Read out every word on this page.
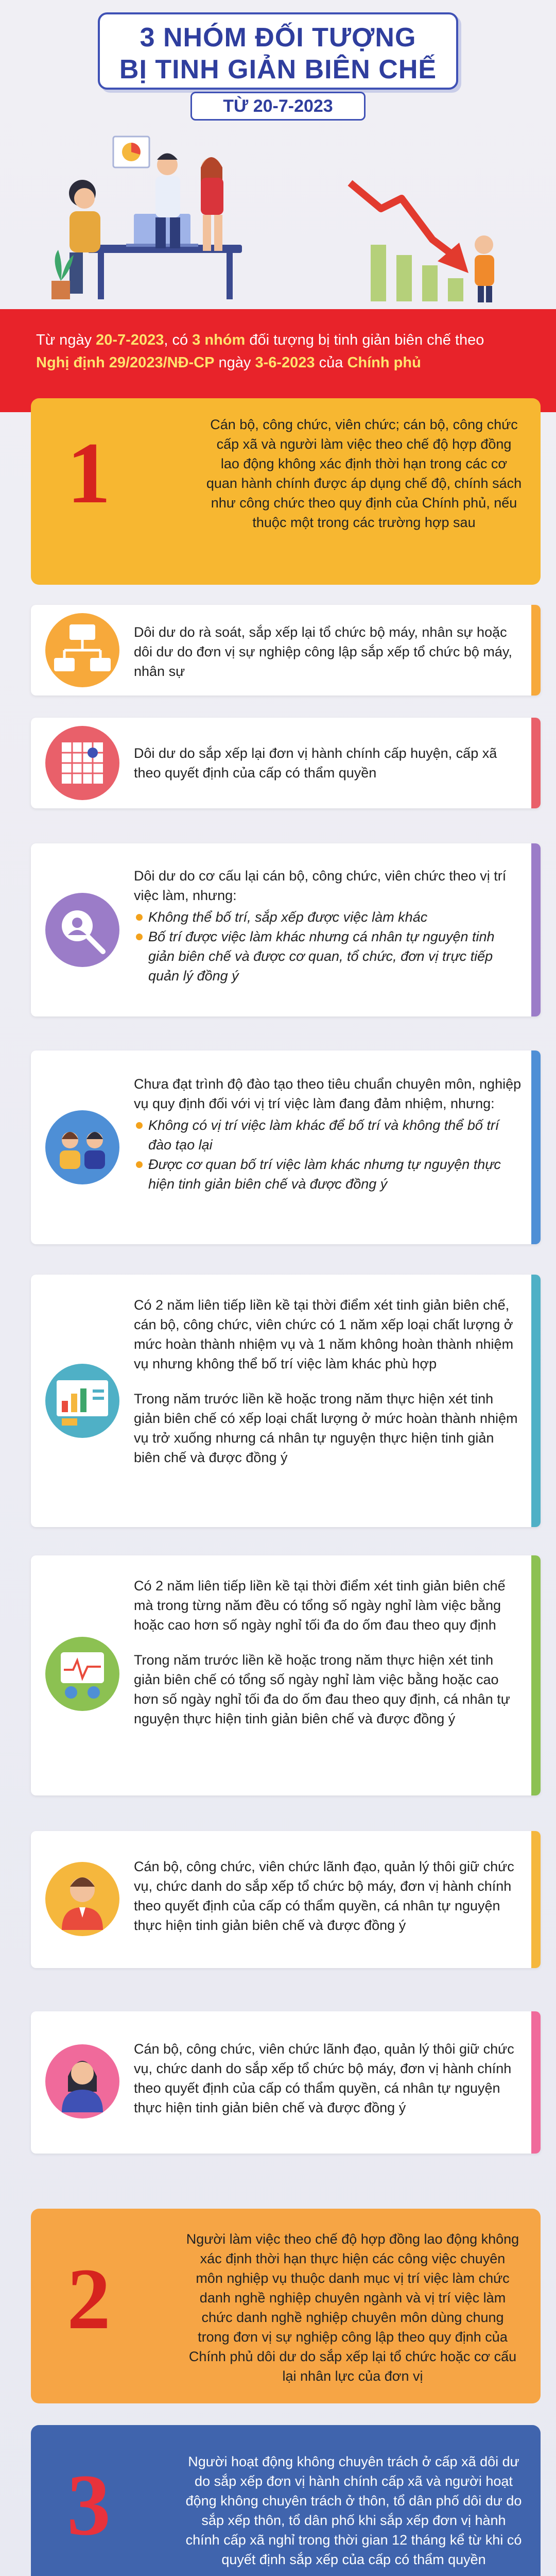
3 NHÓM ĐỐI TƯỢNG
BỊ TINH GIẢN BIÊN CHẾ
TỪ 20-7-2023
Từ ngày 20-7-2023, có 3 nhóm đối tượng bị tinh giản biên chế theo Nghị định 29/2023/NĐ-CP ngày 3-6-2023 của Chính phủ
1	Cán bộ, công chức, viên chức; cán bộ, công chức cấp xã và người làm việc theo chế độ hợp đồng lao động không xác định thời hạn trong các cơ quan hành chính được áp dụng chế độ, chính sách như công chức theo quy định của Chính phủ, nếu thuộc một trong các trường hợp sau
Dôi dư do rà soát, sắp xếp lại tổ chức bộ máy, nhân sự hoặc dôi dư do đơn vị sự nghiệp công lập sắp xếp tổ chức bộ máy, nhân sự
Dôi dư do sắp xếp lại đơn vị hành chính cấp huyện, cấp xã theo quyết định của cấp có thẩm quyền
Dôi dư do cơ cấu lại cán bộ, công chức, viên chức theo vị trí việc làm, nhưng:
Không thể bố trí, sắp xếp được việc làm khác
Bố trí được việc làm khác nhưng cá nhân tự nguyện tinh giản biên chế và được cơ quan, tổ chức, đơn vị trực tiếp quản lý đồng ý
Chưa đạt trình độ đào tạo theo tiêu chuẩn chuyên môn, nghiệp vụ quy định đối với vị trí việc làm đang đảm nhiệm, nhưng:
Không có vị trí việc làm khác để bố trí và không thể bố trí đào tạo lại
Được cơ quan bố trí việc làm khác nhưng tự nguyện thực hiện tinh giản biên chế và được đồng ý

Có 2 năm liên tiếp liền kề tại thời điểm xét tinh giản biên chế, cán bộ, công chức, viên chức có 1 năm xếp loại chất lượng ở mức hoàn thành nhiệm vụ và 1 năm không hoàn thành nhiệm vụ nhưng không thể bố trí việc làm khác phù hợp

Trong năm trước liền kề hoặc trong năm thực hiện xét tinh giản biên chế có xếp loại chất lượng ở mức hoàn thành nhiệm vụ trở xuống nhưng cá nhân tự nguyện thực hiện tinh giản biên chế và được đồng ý

Có 2 năm liên tiếp liền kề tại thời điểm xét tinh giản biên chế mà trong từng năm đều có tổng số ngày nghỉ làm việc bằng hoặc cao hơn số ngày nghỉ tối đa do ốm đau theo quy định

Trong năm trước liền kề hoặc trong năm thực hiện xét tinh giản biên chế có tổng số ngày nghỉ làm việc bằng hoặc cao hơn số ngày nghỉ tối đa do ốm đau theo quy định, cá nhân tự nguyện thực hiện tinh giản biên chế và được đồng ý

Cán bộ, công chức, viên chức lãnh đạo, quản lý thôi giữ chức vụ, chức danh do sắp xếp tổ chức bộ máy, đơn vị hành chính theo quyết định của cấp có thẩm quyền, cá nhân tự nguyện thực hiện tinh giản biên chế và được đồng ý
Cán bộ, công chức, viên chức lãnh đạo, quản lý thôi giữ chức vụ, chức danh do sắp xếp tổ chức bộ máy, đơn vị hành chính theo quyết định của cấp có thẩm quyền, cá nhân tự nguyện thực hiện tinh giản biên chế và được đồng ý
2
Người làm việc theo chế độ hợp đồng lao động không xác định thời hạn thực hiện các công việc chuyên môn nghiệp vụ thuộc danh mục vị trí việc làm chức danh nghề nghiệp chuyên ngành và vị trí việc làm chức danh nghề nghiệp chuyên môn dùng chung trong đơn vị sự nghiệp công lập theo quy định của Chính phủ dôi dư do sắp xếp lại tổ chức hoặc cơ cấu lại nhân lực của đơn vị
3	Người hoạt động không chuyên trách ở cấp xã dôi dư do sắp xếp đơn vị hành chính cấp xã và người hoạt động không chuyên trách ở thôn, tổ dân phố dôi dư do sắp xếp thôn, tổ dân phố khi sắp xếp đơn vị hành chính cấp xã nghỉ trong thời gian 12 tháng kể từ khi có quyết định sắp xếp của cấp có thẩm quyền
